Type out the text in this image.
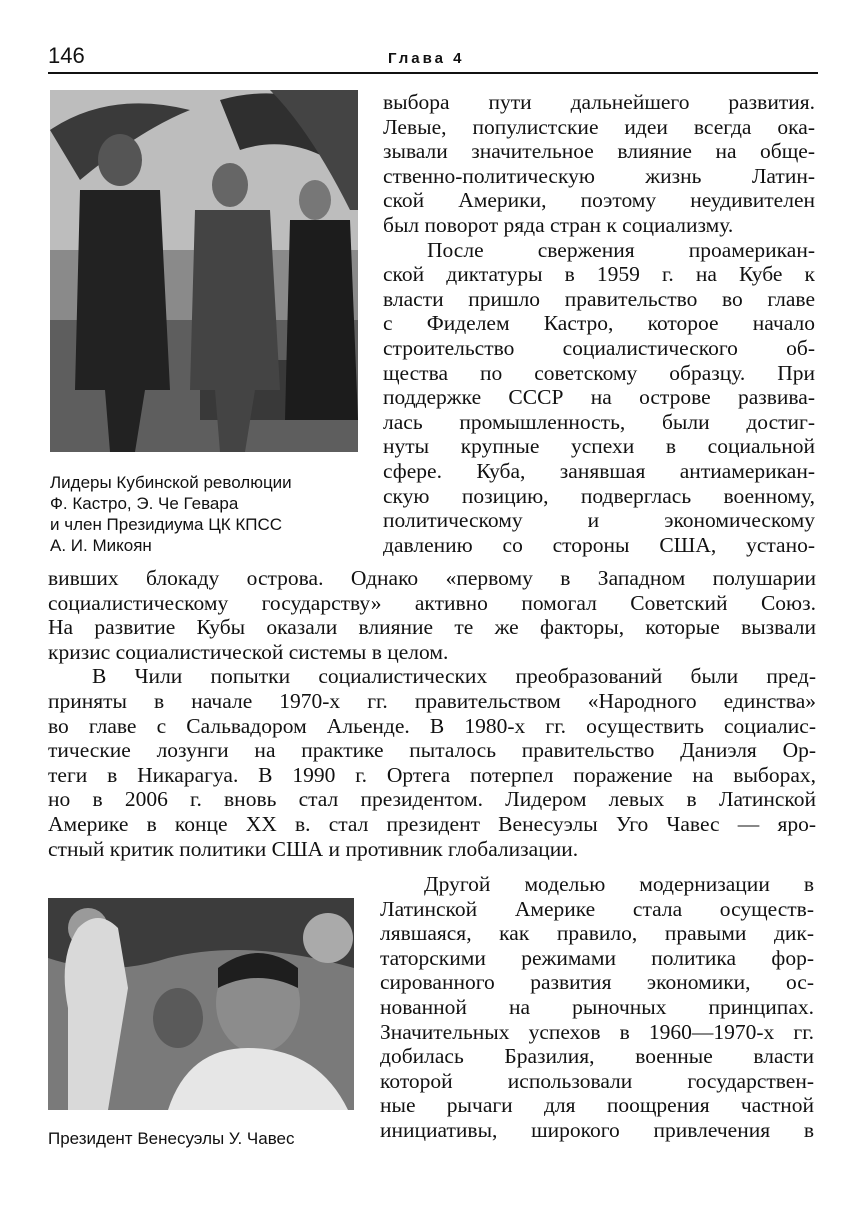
146	Глава 4
Лидеры Кубинской революции
Ф. Кастро, Э. Че Гевара
и член Президиума ЦК КПСС
А. И. Микоян
выбора пути дальнейшего развития.
Левые, популистские идеи всегда ока-
зывали значительное влияние на обще-
ственно-политическую жизнь Латин-
ской Америки, поэтому неудивителен
был поворот ряда стран к социализму.
После свержения проамерикан-
ской диктатуры в 1959 г. на Кубе к
власти пришло правительство во главе
с Фиделем Кастро, которое начало
строительство социалистического об-
щества по советскому образцу. При
поддержке СССР на острове развива-
лась промышленность, были достиг-
нуты крупные успехи в социальной
сфере. Куба, занявшая антиамерикан-
скую позицию, подверглась военному,
политическому и экономическому
давлению со стороны США, устано-
вивших блокаду острова. Однако «первому в Западном полушарии
социалистическому государству» активно помогал Советский Союз.
На развитие Кубы оказали влияние те же факторы, которые вызвали
кризис социалистической системы в целом.
В Чили попытки социалистических преобразований были пред-
приняты в начале 1970-х гг. правительством «Народного единства»
во главе с Сальвадором Альенде. В 1980-х гг. осуществить социалис-
тические лозунги на практике пыталось правительство Даниэля Ор-
теги в Никарагуа. В 1990 г. Ортега потерпел поражение на выборах,
но в 2006 г. вновь стал президентом. Лидером левых в Латинской
Америке в конце XX в. стал президент Венесуэлы Уго Чавес — яро-
стный критик политики США и противник глобализации.
Президент Венесуэлы У. Чавес
Другой моделью модернизации в
Латинской Америке стала осуществ-
лявшаяся, как правило, правыми дик-
таторскими режимами политика фор-
сированного развития экономики, ос-
нованной на рыночных принципах.
Значительных успехов в 1960—1970-х гг.
добилась Бразилия, военные власти
которой использовали государствен-
ные рычаги для поощрения частной
инициативы, широкого привлечения в
